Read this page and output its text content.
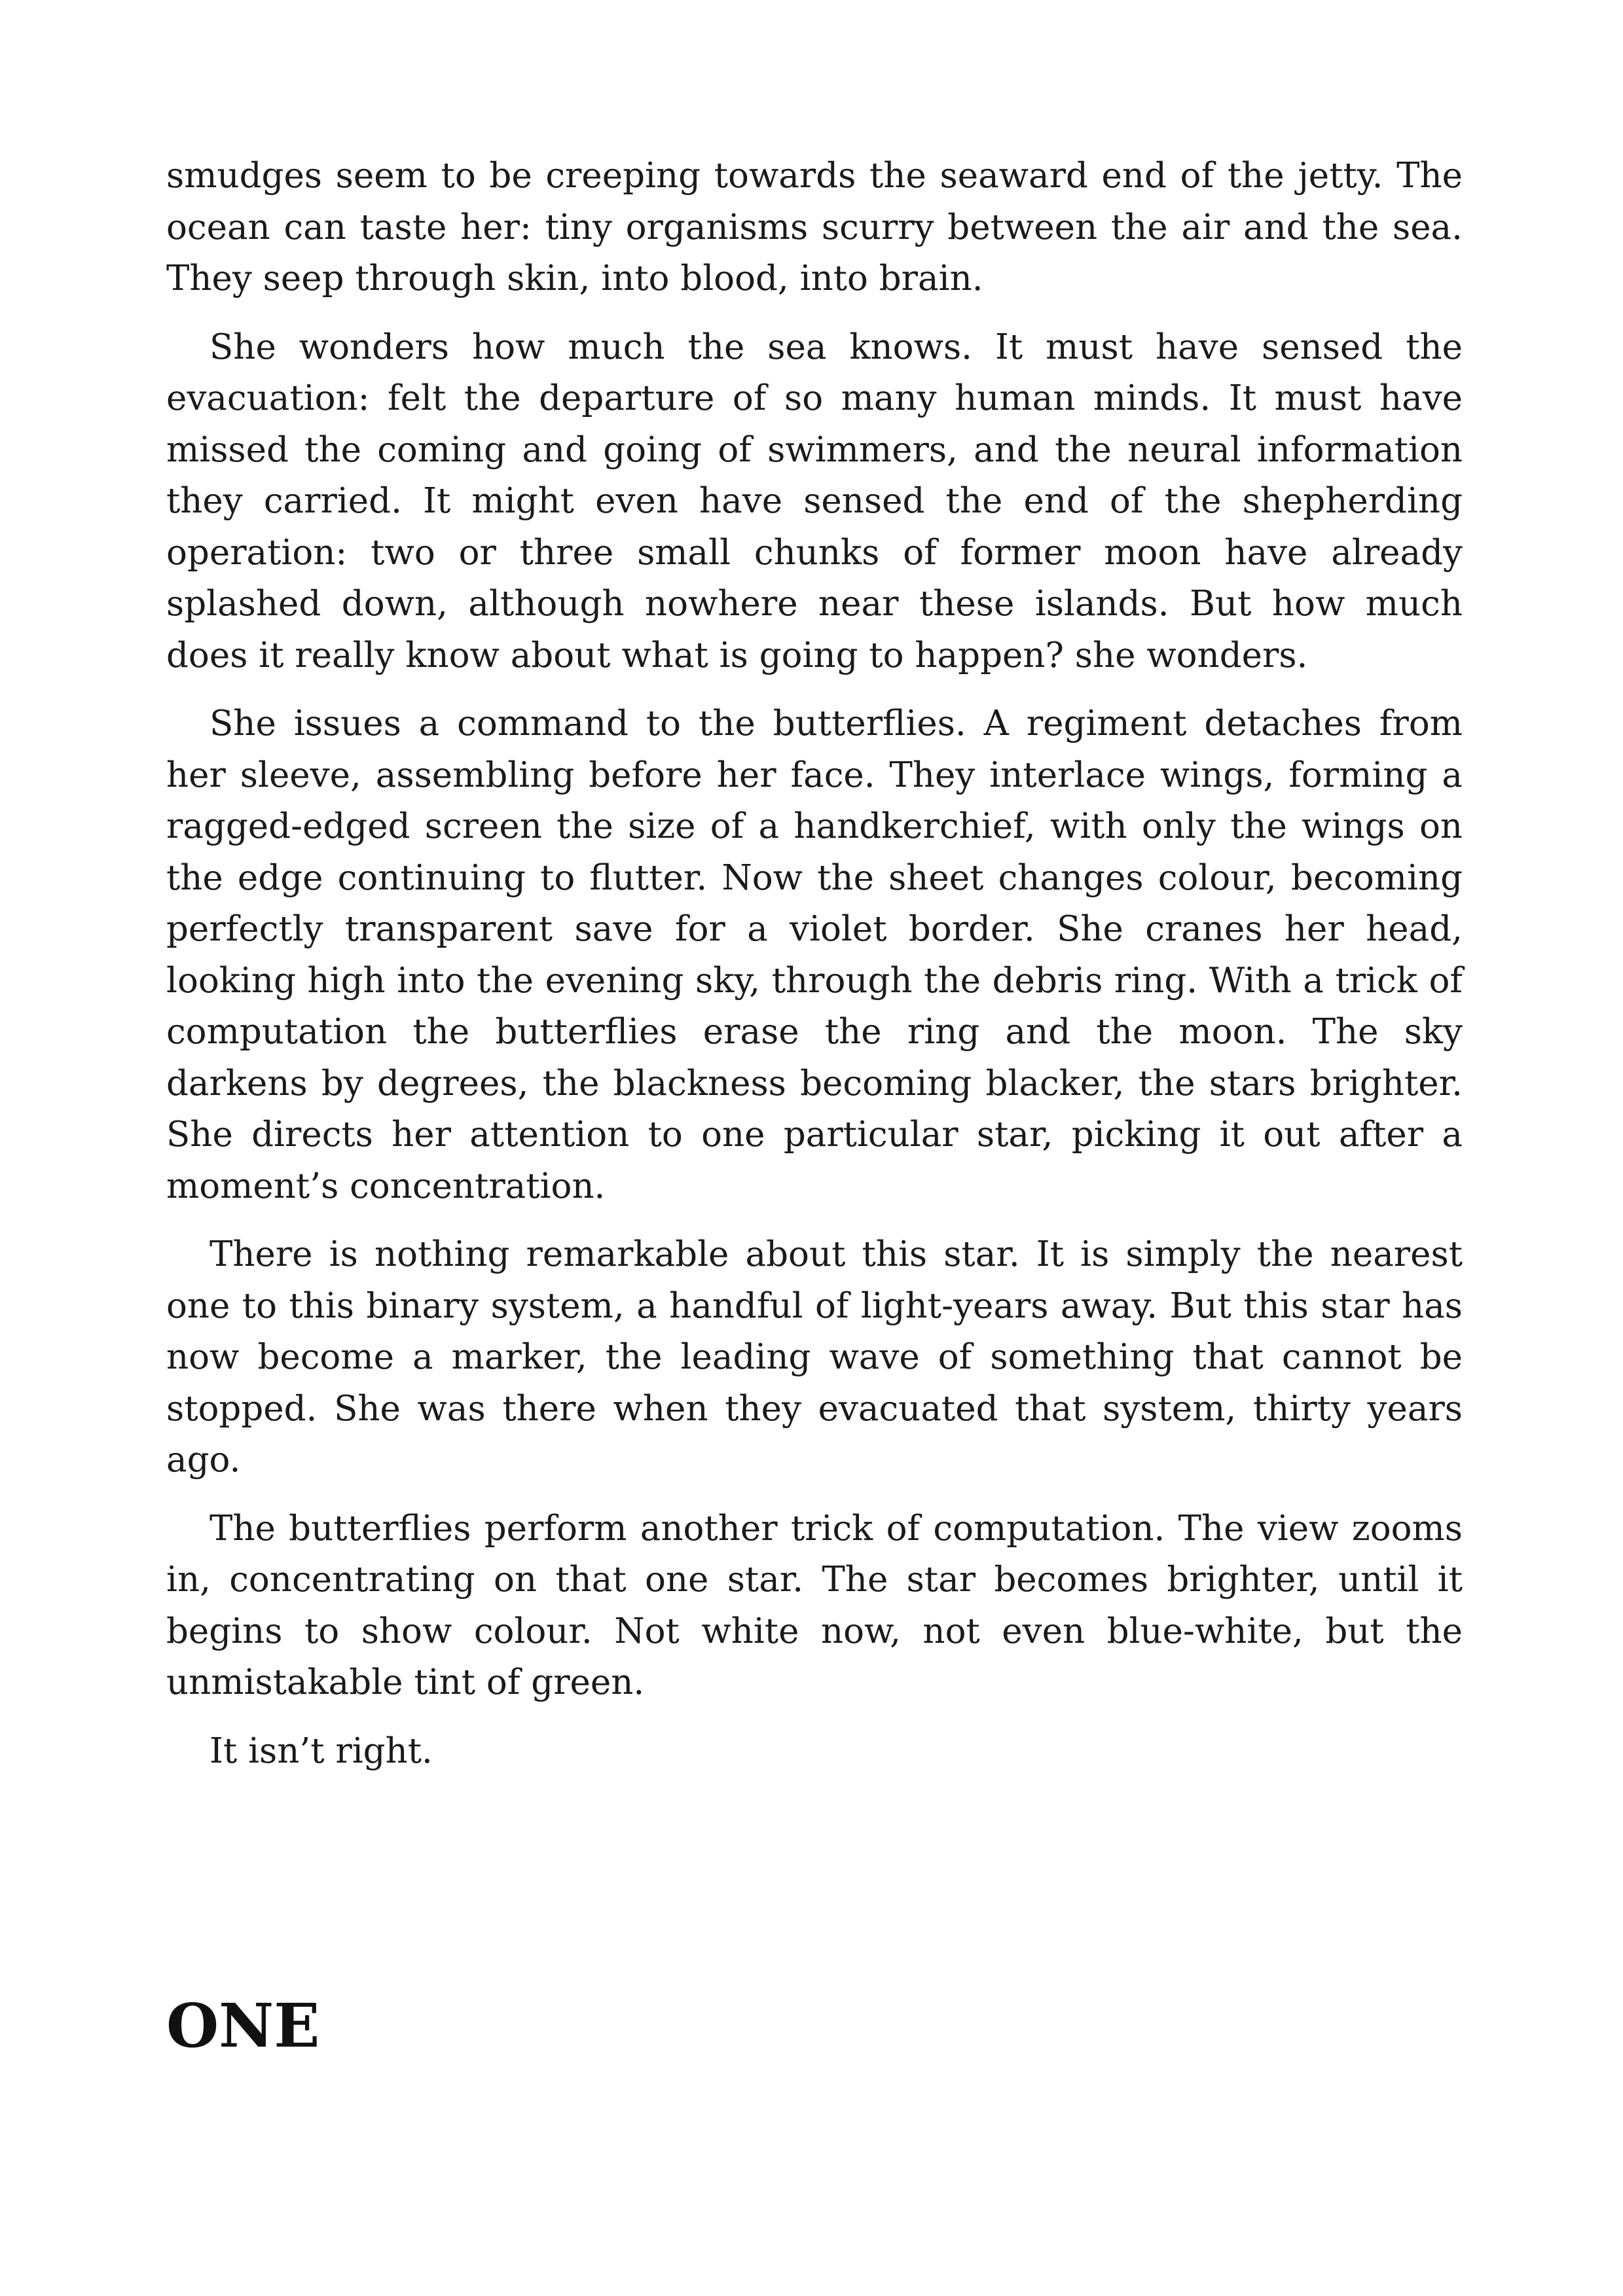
smudges seem to be creeping towards the seaward end of the jetty. The ocean can taste her: tiny organisms scurry between the air and the sea. They seep through skin, into blood, into brain.

She wonders how much the sea knows. It must have sensed the evacuation: felt the departure of so many human minds. It must have missed the coming and going of swimmers, and the neural information they carried. It might even have sensed the end of the shepherding operation: two or three small chunks of former moon have already splashed down, although nowhere near these islands. But how much does it really know about what is going to happen? she wonders.

She issues a command to the butterflies. A regiment detaches from her sleeve, assembling before her face. They interlace wings, forming a ragged-edged screen the size of a handkerchief, with only the wings on the edge continuing to flutter. Now the sheet changes colour, becoming perfectly transparent save for a violet border. She cranes her head, looking high into the evening sky, through the debris ring. With a trick of computation the butterflies erase the ring and the moon. The sky darkens by degrees, the blackness becoming blacker, the stars brighter. She directs her attention to one particular star, picking it out after a moment’s concentration.

There is nothing remarkable about this star. It is simply the nearest one to this binary system, a handful of light-years away. But this star has now become a marker, the leading wave of something that cannot be stopped. She was there when they evacuated that system, thirty years ago.

The butterflies perform another trick of computation. The view zooms in, concentrating on that one star. The star becomes brighter, until it begins to show colour. Not white now, not even blue-white, but the unmistakable tint of green.

It isn’t right.

ONE
